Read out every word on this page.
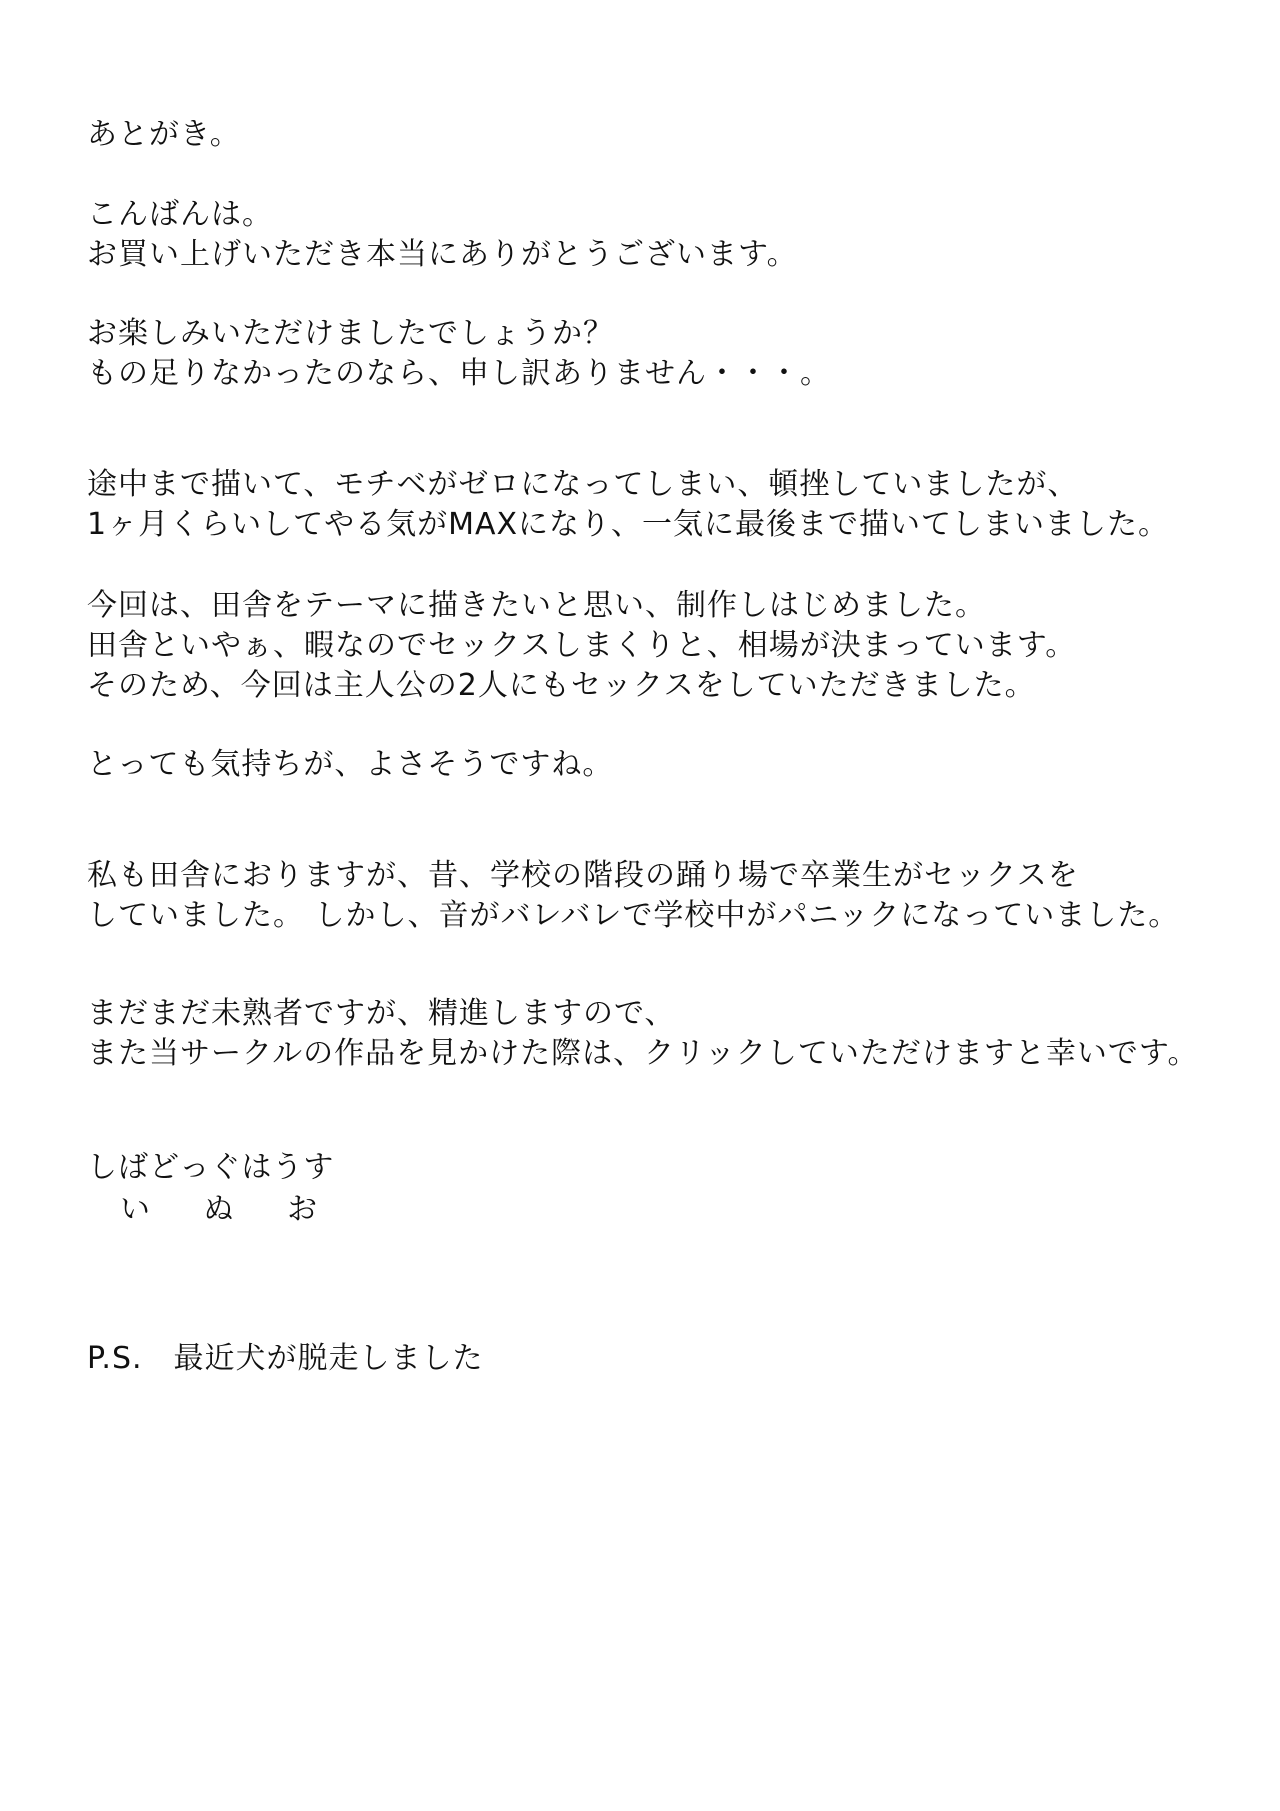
あとがき。
こんばんは。
お買い上げいただき本当にありがとうございます。
お楽しみいただけましたでしょうか？
もの足りなかったのなら、申し訳ありません・・・。
途中まで描いて、モチベがゼロになってしまい、頓挫していましたが、
1ヶ月くらいしてやる気がMAXになり、一気に最後まで描いてしまいました。
今回は、田舎をテーマに描きたいと思い、制作しはじめました。
田舎といやぁ、暇なのでセックスしまくりと、相場が決まっています。
そのため、今回は主人公の2人にもセックスをしていただきました。
とっても気持ちが、よさそうですね。
私も田舎におりますが、昔、学校の階段の踊り場で卒業生がセックスを
していました。 しかし、音がバレバレで学校中がパニックになっていました。
まだまだ未熟者ですが、精進しますので、
また当サークルの作品を見かけた際は、クリックしていただけますと幸いです。
しばどっぐはうす
い ぬ お
P.S.　最近犬が脱走しました
